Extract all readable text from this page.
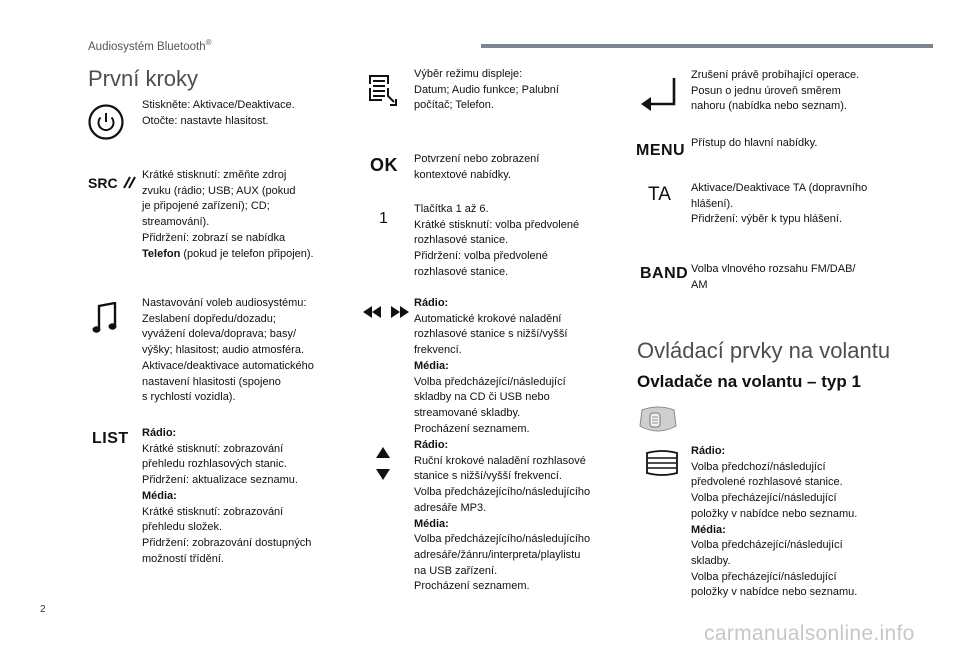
Audiosystém Bluetooth®
První kroky
Stiskněte: Aktivace/Deaktivace.
Otočte: nastavte hlasitost.
SRC	Krátké stisknutí: změňte zdroj
zvuku (rádio; USB; AUX (pokud
je připojené zařízení); CD;
streamování).
Přidržení: zobrazí se nabídka
Telefon (pokud je telefon připojen).
Nastavování voleb audiosystému:
Zeslabení dopředu/dozadu;
vyvážení doleva/doprava; basy/
výšky; hlasitost; audio atmosféra.
Aktivace/deaktivace automatického
nastavení hlasitosti (spojeno
s rychlostí vozidla).
LIST Rádio:
Krátké stisknutí: zobrazování
přehledu rozhlasových stanic.
Přidržení: aktualizace seznamu.
Média:
Krátké stisknutí: zobrazování
přehledu složek.
Přidržení: zobrazování dostupných
možností třídění.
Výběr režimu displeje:
Datum; Audio funkce; Palubní
počítač; Telefon.
OK Potvrzení nebo zobrazení
kontextové nabídky.
1
Tlačítka 1 až 6.
Krátké stisknutí: volba předvolené
rozhlasové stanice.
Přidržení: volba předvolené
rozhlasové stanice.
Rádio:
Automatické krokové naladění
rozhlasové stanice s nižší/vyšší
frekvencí.
Média:
Volba předcházející/následující
skladby na CD či USB nebo
streamované skladby.
Procházení seznamem.
Rádio:
Ruční krokové naladění rozhlasové
stanice s nižší/vyšší frekvencí.
Volba předcházejícího/následujícího
adresáře MP3.
Média:
Volba předcházejícího/následujícího
adresáře/žánru/interpreta/playlistu
na USB zařízení.
Procházení seznamem.
Zrušení právě probíhající operace.
Posun o jednu úroveň směrem
nahoru (nabídka nebo seznam).
MENU Přístup do hlavní nabídky.
TA Aktivace/Deaktivace TA (dopravního
hlášení).
Přidržení: výběr k typu hlášení.
BAND Volba vlnového rozsahu FM/DAB/
AM
Ovládací prvky na volantu
Ovladače na volantu – typ 1
Rádio:
Volba předchozí/následující
předvolené rozhlasové stanice.
Volba přecházející/následující
položky v nabídce nebo seznamu.
Média:
Volba předcházející/následující
skladby.
Volba přecházející/následující
položky v nabídce nebo seznamu.
2
carmanualsonline.info
